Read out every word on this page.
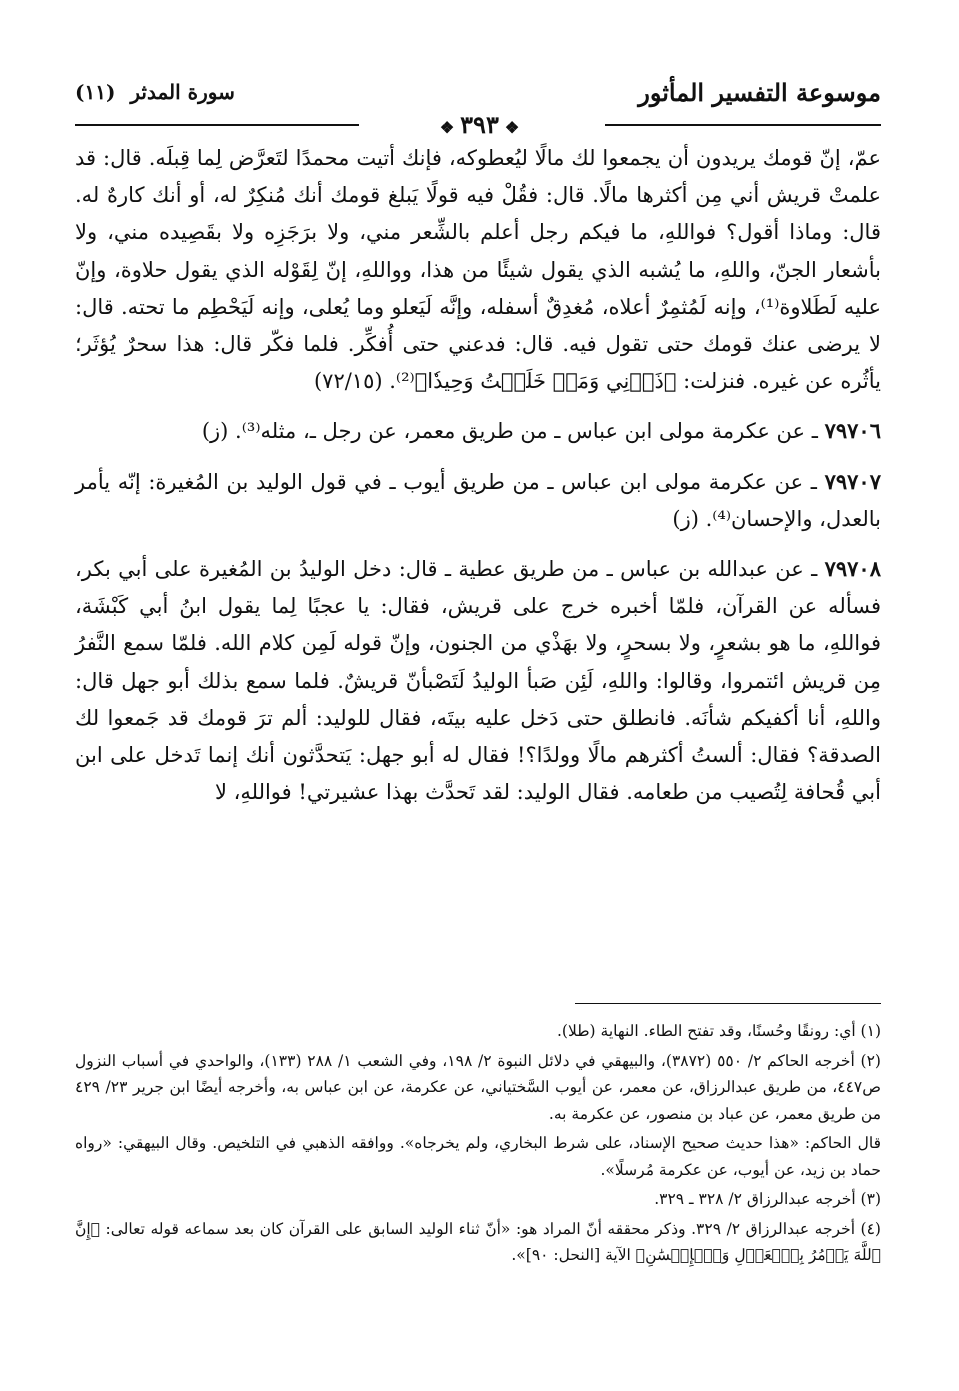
موسوعة التفسير المأثور
سورة المدثر (١١)
❖٣٩٣❖

عمّ، إنّ قومك يريدون أن يجمعوا لك مالًا ليُعطوكه، فإنك أتيت محمدًا لتَعرَّض لِما قِبلَه. قال: قد علمتْ قريش أني مِن أكثرها مالًا. قال: فقُلْ فيه قولًا يَبلغ قومك أنك مُنكِرٌ له، أو أنك كارهٌ له. قال: وماذا أقول؟ فواللهِ، ما فيكم رجل أعلم بالشِّعر مني، ولا برَجَزِه ولا بقَصِيده مني، ولا بأشعار الجنّ، واللهِ، ما يُشبه الذي يقول شيئًا من هذا، وواللهِ، إنّ لِقَوْله الذي يقول حلاوة، وإنّ عليه لَطَلاوة⁽¹⁾، وإنه لَمُثمِرٌ أعلاه، مُغدِقٌ أسفله، وإنَّه لَيَعلو وما يُعلى، وإنه لَيَحْطِم ما تحته. قال: لا يرضى عنك قومك حتى تقول فيه. قال: فدعني حتى أُفكِّر. فلما فكّر قال: هذا سحرٌ يُؤثَر؛ يأثُره عن غيره. فنزلت: ﴿ذَرۡنِي وَمَنۡ خَلَقۡتُ وَحِيدٗا﴾⁽²⁾. (٧٢/١٥)

٧٩٧٠٦ ـ عن عكرمة مولى ابن عباس ـ من طريق معمر، عن رجل ـ، مثله⁽³⁾. (ز)

٧٩٧٠٧ ـ عن عكرمة مولى ابن عباس ـ من طريق أيوب ـ في قول الوليد بن المُغيرة: إنّه يأمر بالعدل، والإحسان⁽⁴⁾. (ز)

٧٩٧٠٨ ـ عن عبدالله بن عباس ـ من طريق عطية ـ قال: دخل الوليدُ بن المُغيرة على أبي بكر، فسأله عن القرآن، فلمّا أخبره خرج على قريش، فقال: يا عجبًا لِما يقول ابنُ أبي كَبْشَة، فواللهِ، ما هو بشعرٍ، ولا بسحرٍ، ولا بهَذْي من الجنون، وإنّ قوله لَمِن كلام الله. فلمّا سمع النَّفرُ مِن قريش ائتمروا، وقالوا: واللهِ، لَئِن صَبأ الوليدُ لَتَصْبأنّ قريشٌ. فلما سمع بذلك أبو جهل قال: واللهِ، أنا أكفيكم شأنَه. فانطلق حتى دَخل عليه بيتَه، فقال للوليد: ألم ترَ قومك قد جَمعوا لك الصدقة؟ فقال: ألستُ أكثرهم مالًا وولدًا؟! فقال له أبو جهل: يَتحدَّثون أنك إنما تَدخل على ابن أبي قُحافة لِتُصيب من طعامه. فقال الوليد: لقد تَحدَّث بهذا عشيرتي! فواللهِ، لا

(١) أي: رونقًا وحُسنًا، وقد تفتح الطاء. النهاية (طلا).

(٢) أخرجه الحاكم ٢/ ٥٥٠ (٣٨٧٢)، والبيهقي في دلائل النبوة ٢/ ١٩٨، وفي الشعب ١/ ٢٨٨ (١٣٣)، والواحدي في أسباب النزول ص٤٤٧، من طريق عبدالرزاق، عن معمر، عن أيوب السَّختياني، عن عكرمة، عن ابن عباس به، وأخرجه أيضًا ابن جرير ٢٣/ ٤٢٩ من طريق معمر، عن عباد بن منصور، عن عكرمة به.

قال الحاكم: «هذا حديث صحيح الإسناد، على شرط البخاري، ولم يخرجاه». ووافقه الذهبي في التلخيص. وقال البيهقي: «رواه حماد بن زيد، عن أيوب، عن عكرمة مُرسلًا».

(٣) أخرجه عبدالرزاق ٢/ ٣٢٨ ـ ٣٢٩.

(٤) أخرجه عبدالرزاق ٢/ ٣٢٩. وذكر محققه أنّ المراد هو: «أنّ ثناء الوليد السابق على القرآن كان بعد سماعه قوله تعالى: ﴿إِنَّ ٱللَّهَ يَأۡمُرُ بِٱلۡعَدۡلِ وَٱلۡإِحۡسَٰنِ﴾ الآية [النحل: ٩٠]».
